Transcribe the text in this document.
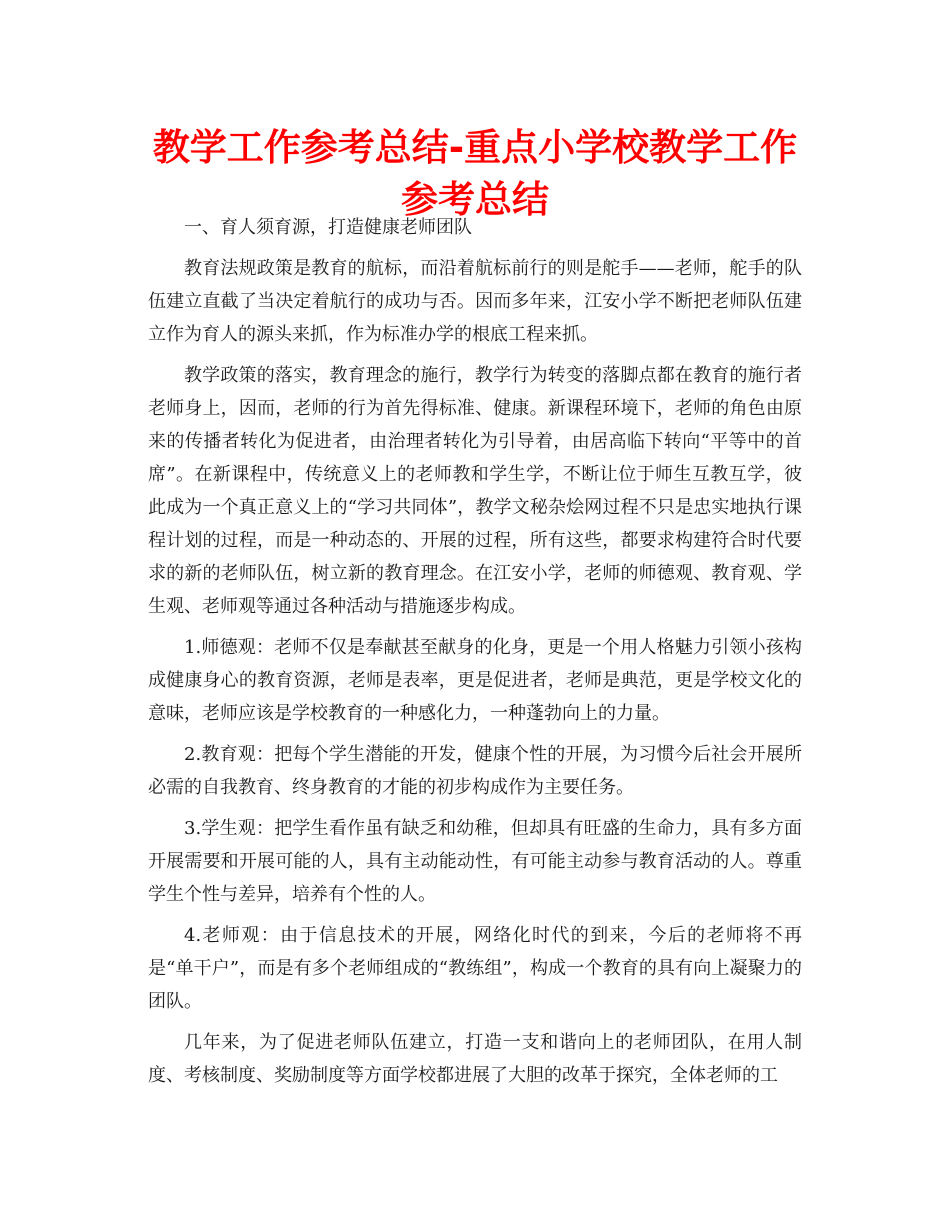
教学工作参考总结-重点小学校教学工作参考总结

一、育人须育源，打造健康老师团队

教育法规政策是教育的航标，而沿着航标前行的则是舵手——老师，舵手的队伍建立直截了当决定着航行的成功与否。因而多年来，江安小学不断把老师队伍建立作为育人的源头来抓，作为标准办学的根底工程来抓。

教学政策的落实，教育理念的施行，教学行为转变的落脚点都在教育的施行者老师身上，因而，老师的行为首先得标准、健康。新课程环境下，老师的角色由原来的传播者转化为促进者，由治理者转化为引导着，由居高临下转向“平等中的首席”。在新课程中，传统意义上的老师教和学生学，不断让位于师生互教互学，彼此成为一个真正意义上的“学习共同体”，教学文秘杂烩网过程不只是忠实地执行课程计划的过程，而是一种动态的、开展的过程，所有这些，都要求构建符合时代要求的新的老师队伍，树立新的教育理念。在江安小学，老师的师德观、教育观、学生观、老师观等通过各种活动与措施逐步构成。

1.师德观：老师不仅是奉献甚至献身的化身，更是一个用人格魅力引领小孩构成健康身心的教育资源，老师是表率，更是促进者，老师是典范，更是学校文化的意味，老师应该是学校教育的一种感化力，一种蓬勃向上的力量。

2.教育观：把每个学生潜能的开发，健康个性的开展，为习惯今后社会开展所必需的自我教育、终身教育的才能的初步构成作为主要任务。

3.学生观：把学生看作虽有缺乏和幼稚，但却具有旺盛的生命力，具有多方面开展需要和开展可能的人，具有主动能动性，有可能主动参与教育活动的人。尊重学生个性与差异，培养有个性的人。

4.老师观：由于信息技术的开展，网络化时代的到来，今后的老师将不再是“单干户”，而是有多个老师组成的“教练组”，构成一个教育的具有向上凝聚力的团队。

几年来，为了促进老师队伍建立，打造一支和谐向上的老师团队，在用人制度、考核制度、奖励制度等方面学校都进展了大胆的改革于探究，全体老师的工
